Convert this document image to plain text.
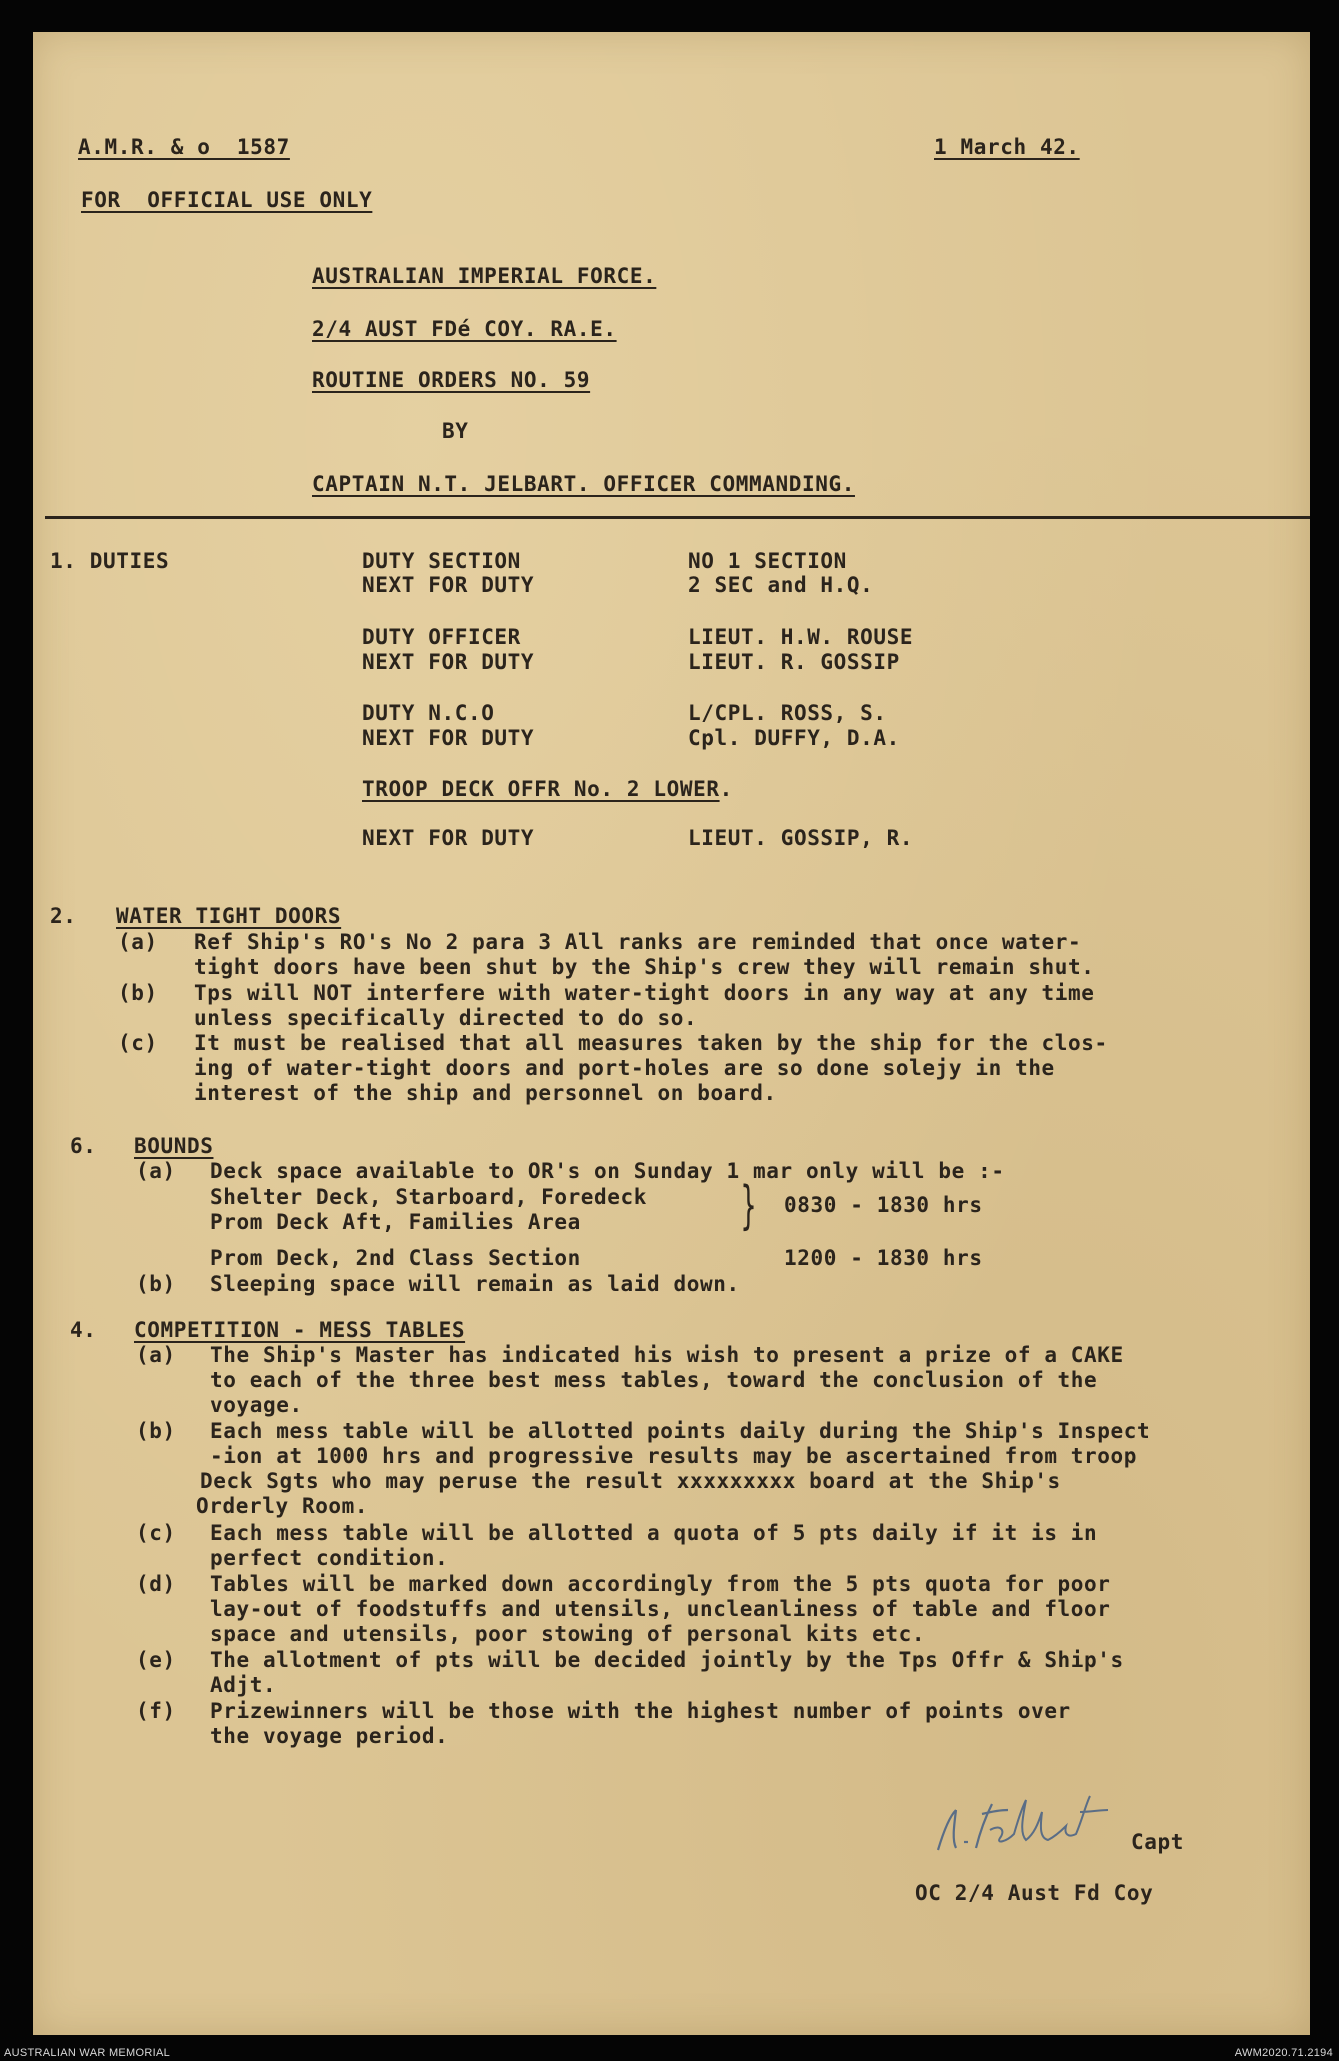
A.M.R. & o  1587	1 March 42.
FOR  OFFICIAL USE ONLY
AUSTRALIAN IMPERIAL FORCE.
2/4 AUST FDé COY. RA.E.
ROUTINE ORDERS NO. 59
BY
CAPTAIN N.T. JELBART. OFFICER COMMANDING.
1. DUTIES	DUTY SECTION	NO 1 SECTION
NEXT FOR DUTY	2 SEC and H.Q.
DUTY OFFICER	LIEUT. H.W. ROUSE
NEXT FOR DUTY	LIEUT. R. GOSSIP
DUTY N.C.O	L/CPL. ROSS, S.
NEXT FOR DUTY	Cpl. DUFFY, D.A.
TROOP DECK OFFR No. 2 LOWER.
NEXT FOR DUTY	LIEUT. GOSSIP, R.
2. WATER TIGHT DOORS
(a) Ref Ship's RO's No 2 para 3 All ranks are reminded that once water-
tight doors have been shut by the Ship's crew they will remain shut.
(b) Tps will NOT interfere with water-tight doors in any way at any time
unless specifically directed to do so.
(c) It must be realised that all measures taken by the ship for the clos-
ing of water-tight doors and port-holes are so done solejy in the
interest of the ship and personnel on board.
6. BOUNDS
(a) Deck space available to OR's on Sunday 1 mar only will be :-
Shelter Deck, Starboard, Foredeck	0830 - 1830 hrs
Prom Deck Aft, Families Area	}
Prom Deck, 2nd Class Section	1200 - 1830 hrs
(b) Sleeping space will remain as laid down.
4. COMPETITION - MESS TABLES
(a) The Ship's Master has indicated his wish to present a prize of a CAKE
to each of the three best mess tables, toward the conclusion of the
voyage.
(b) Each mess table will be allotted points daily during the Ship's Inspect
-ion at 1000 hrs and progressive results may be ascertained from troop
Deck Sgts who may peruse the result xxxxxxxxx board at the Ship's
Orderly Room.
(c) Each mess table will be allotted a quota of 5 pts daily if it is in
perfect condition.
(d) Tables will be marked down accordingly from the 5 pts quota for poor
lay-out of foodstuffs and utensils, uncleanliness of table and floor
space and utensils, poor stowing of personal kits etc.
(e) The allotment of pts will be decided jointly by the Tps Offr & Ship's
Adjt.
(f) Prizewinners will be those with the highest number of points over
the voyage period.
Capt
OC 2/4 Aust Fd Coy
AUSTRALIAN WAR MEMORIAL	AWM2020.71.2194
